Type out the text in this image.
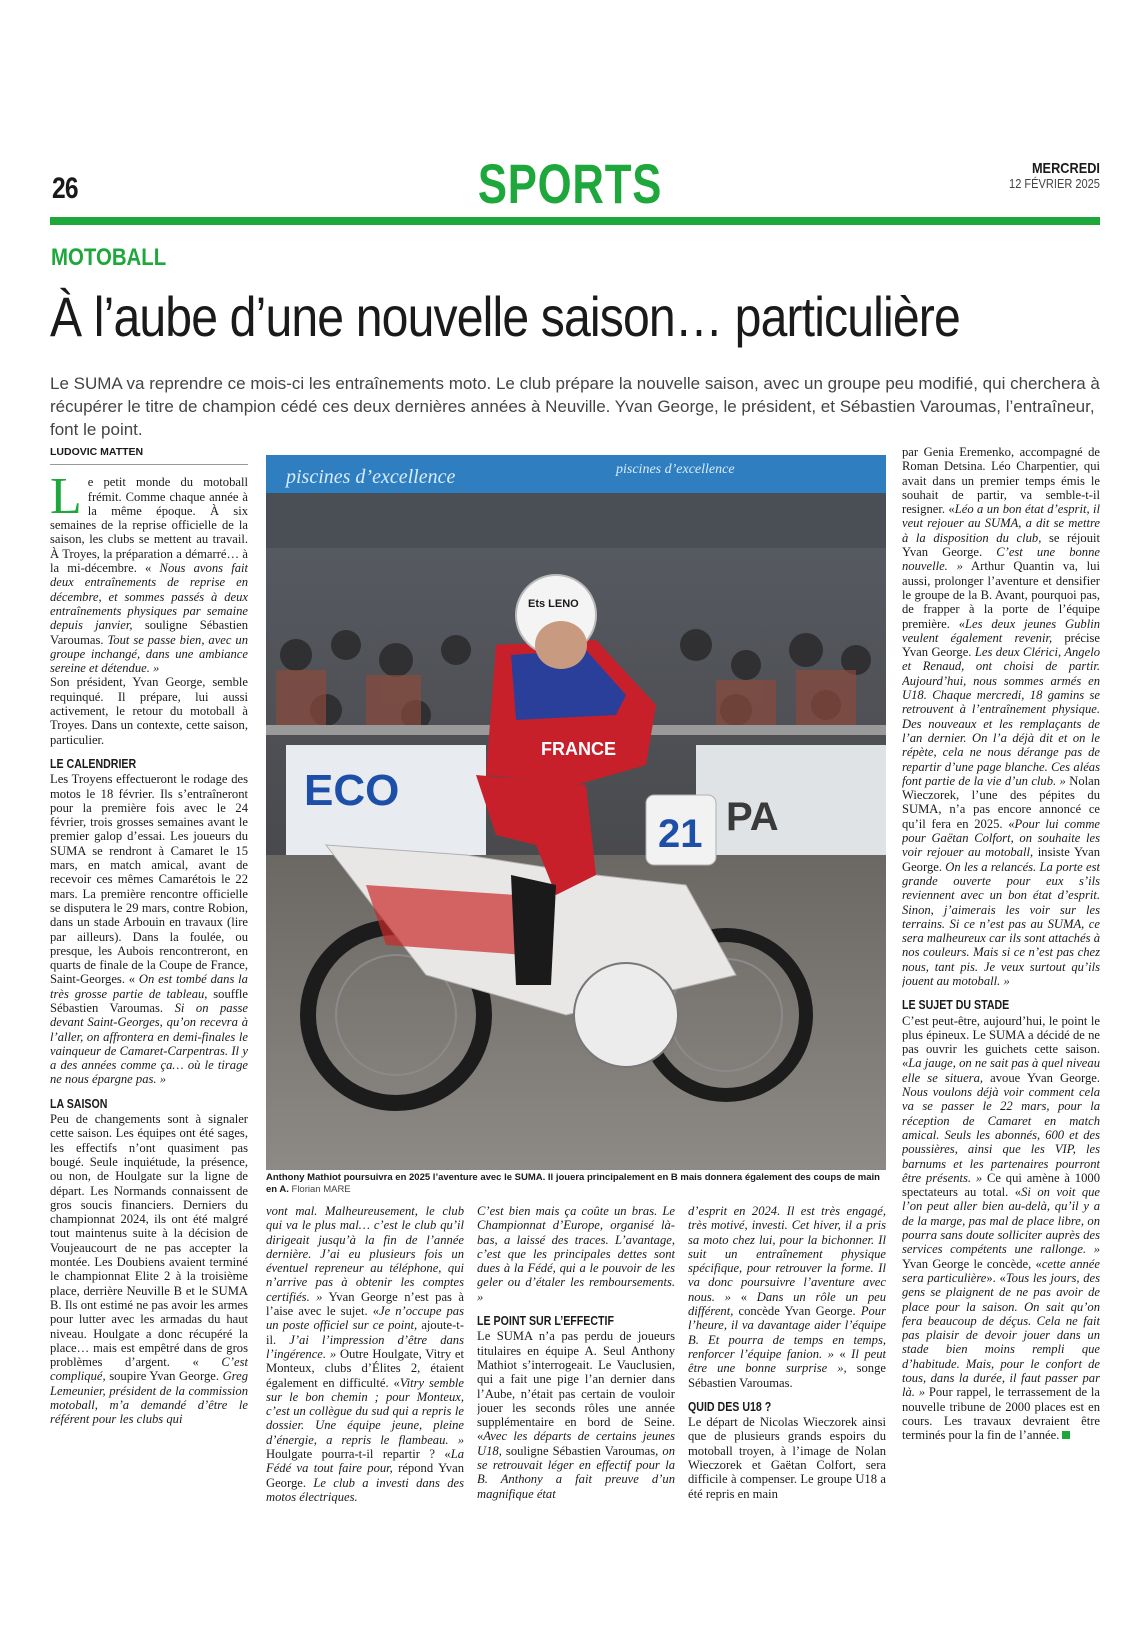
26	SPORTS	MERCREDI
12 FÉVRIER 2025
MOTOBALL
À l’aube d’une nouvelle saison… particulière

Le SUMA va reprendre ce mois-ci les entraînements moto. Le club prépare la nouvelle saison, avec un groupe peu modifié, qui cherchera à récupérer le titre de champion cédé ces deux dernières années à Neuville. Yvan George, le président, et Sébastien Varoumas, l’entraîneur, font le point.

LUDOVIC MATTEN

Le petit monde du motoball frémit. Comme chaque année à la même époque. À six semaines de la reprise officielle de la saison, les clubs se mettent au travail. À Troyes, la préparation a démarré… à la mi-décembre. « Nous avons fait deux entraînements de reprise en décembre, et sommes passés à deux entraînements physiques par semaine depuis janvier, souligne Sébastien Varoumas. Tout se passe bien, avec un groupe inchangé, dans une ambiance sereine et détendue. »

Son président, Yvan George, semble requinqué. Il prépare, lui aussi activement, le retour du motoball à Troyes. Dans un contexte, cette saison, particulier.

LE CALENDRIER

Les Troyens effectueront le rodage des motos le 18 février. Ils s’entraîneront pour la première fois avec le 24 février, trois grosses semaines avant le premier galop d’essai. Les joueurs du SUMA se rendront à Camaret le 15 mars, en match amical, avant de recevoir ces mêmes Camarétois le 22 mars. La première rencontre officielle se disputera le 29 mars, contre Robion, dans un stade Arbouin en travaux (lire par ailleurs). Dans la foulée, ou presque, les Aubois rencontreront, en quarts de finale de la Coupe de France, Saint-Georges. « On est tombé dans la très grosse partie de tableau, souffle Sébastien Varoumas. Si on passe devant Saint-Georges, qu’on recevra à l’aller, on affrontera en demi-finales le vainqueur de Camaret-Carpentras. Il y a des années comme ça… où le tirage ne nous épargne pas. »

LA SAISON

Peu de changements sont à signaler cette saison. Les équipes ont été sages, les effectifs n’ont quasiment pas bougé. Seule inquiétude, la présence, ou non, de Houlgate sur la ligne de départ. Les Normands connaissent de gros soucis financiers. Derniers du championnat 2024, ils ont été malgré tout maintenus suite à la décision de Voujeaucourt de ne pas accepter la montée. Les Doubiens avaient terminé le championnat Elite 2 à la troisième place, derrière Neuville B et le SUMA B. Ils ont estimé ne pas avoir les armes pour lutter avec les armadas du haut niveau. Houlgate a donc récupéré la place… mais est empêtré dans de gros problèmes d’argent. « C’est compliqué, soupire Yvan George. Greg Lemeunier, président de la commission motoball, m’a demandé d’être le référent pour les clubs qui

piscines d’excellence	piscines d’excellence
ECO
PA
21
FRANCE
Ets LENO
Anthony Mathiot poursuivra en 2025 l’aventure avec le SUMA. Il jouera principalement en B mais donnera également des coups de main en A. Florian MARE

vont mal. Malheureusement, le club qui va le plus mal… c’est le club qu’il dirigeait jusqu’à la fin de l’année dernière. J’ai eu plusieurs fois un éventuel repreneur au téléphone, qui n’arrive pas à obtenir les comptes certifiés. » Yvan George n’est pas à l’aise avec le sujet. «Je n’occupe pas un poste officiel sur ce point, ajoute-t-il. J’ai l’impression d’être dans l’ingérence. » Outre Houlgate, Vitry et Monteux, clubs d’Élites 2, étaient également en difficulté. «Vitry semble sur le bon chemin ; pour Monteux, c’est un collègue du sud qui a repris le dossier. Une équipe jeune, pleine d’énergie, a repris le flambeau. » Houlgate pourra-t-il repartir ? «La Fédé va tout faire pour, répond Yvan George. Le club a investi dans des motos électriques.

C’est bien mais ça coûte un bras. Le Championnat d’Europe, organisé là-bas, a laissé des traces. L’avantage, c’est que les principales dettes sont dues à la Fédé, qui a le pouvoir de les geler ou d’étaler les remboursements. »

LE POINT SUR L’EFFECTIF

Le SUMA n’a pas perdu de joueurs titulaires en équipe A. Seul Anthony Mathiot s’interrogeait. Le Vauclusien, qui a fait une pige l’an dernier dans l’Aube, n’était pas certain de vouloir jouer les seconds rôles une année supplémentaire en bord de Seine. «Avec les départs de certains jeunes U18, souligne Sébastien Varoumas, on se retrouvait léger en effectif pour la B. Anthony a fait preuve d’un magnifique état

d’esprit en 2024. Il est très engagé, très motivé, investi. Cet hiver, il a pris sa moto chez lui, pour la bichonner. Il suit un entraînement physique spécifique, pour retrouver la forme. Il va donc poursuivre l’aventure avec nous. » « Dans un rôle un peu différent, concède Yvan George. Pour l’heure, il va davantage aider l’équipe B. Et pourra de temps en temps, renforcer l’équipe fanion. » « Il peut être une bonne surprise », songe Sébastien Varoumas.

QUID DES U18 ?

Le départ de Nicolas Wieczorek ainsi que de plusieurs grands espoirs du motoball troyen, à l’image de Nolan Wieczorek et Gaëtan Colfort, sera difficile à compenser. Le groupe U18 a été repris en main

par Genia Eremenko, accompagné de Roman Detsina. Léo Charpentier, qui avait dans un premier temps émis le souhait de partir, va semble-t-il resigner. «Léo a un bon état d’esprit, il veut rejouer au SUMA, a dit se mettre à la disposition du club, se réjouit Yvan George. C’est une bonne nouvelle. » Arthur Quantin va, lui aussi, prolonger l’aventure et densifier le groupe de la B. Avant, pourquoi pas, de frapper à la porte de l’équipe première. «Les deux jeunes Gublin veulent également revenir, précise Yvan George. Les deux Clérici, Angelo et Renaud, ont choisi de partir. Aujourd’hui, nous sommes armés en U18. Chaque mercredi, 18 gamins se retrouvent à l’entraînement physique. Des nouveaux et les remplaçants de l’an dernier. On l’a déjà dit et on le répète, cela ne nous dérange pas de repartir d’une page blanche. Ces aléas font partie de la vie d’un club. » Nolan Wieczorek, l’une des pépites du SUMA, n’a pas encore annoncé ce qu’il fera en 2025. «Pour lui comme pour Gaëtan Colfort, on souhaite les voir rejouer au motoball, insiste Yvan George. On les a relancés. La porte est grande ouverte pour eux s’ils reviennent avec un bon état d’esprit. Sinon, j’aimerais les voir sur les terrains. Si ce n’est pas au SUMA, ce sera malheureux car ils sont attachés à nos couleurs. Mais si ce n’est pas chez nous, tant pis. Je veux surtout qu’ils jouent au motoball. »

LE SUJET DU STADE

C’est peut-être, aujourd’hui, le point le plus épineux. Le SUMA a décidé de ne pas ouvrir les guichets cette saison. «La jauge, on ne sait pas à quel niveau elle se situera, avoue Yvan George. Nous voulons déjà voir comment cela va se passer le 22 mars, pour la réception de Camaret en match amical. Seuls les abonnés, 600 et des poussières, ainsi que les VIP, les barnums et les partenaires pourront être présents. » Ce qui amène à 1000 spectateurs au total. «Si on voit que l’on peut aller bien au-delà, qu’il y a de la marge, pas mal de place libre, on pourra sans doute solliciter auprès des services compétents une rallonge. » Yvan George le concède, «cette année sera particulière». «Tous les jours, des gens se plaignent de ne pas avoir de place pour la saison. On sait qu’on fera beaucoup de déçus. Cela ne fait pas plaisir de devoir jouer dans un stade bien moins rempli que d’habitude. Mais, pour le confort de tous, dans la durée, il faut passer par là. » Pour rappel, le terrassement de la nouvelle tribune de 2000 places est en cours. Les travaux devraient être terminés pour la fin de l’année.
